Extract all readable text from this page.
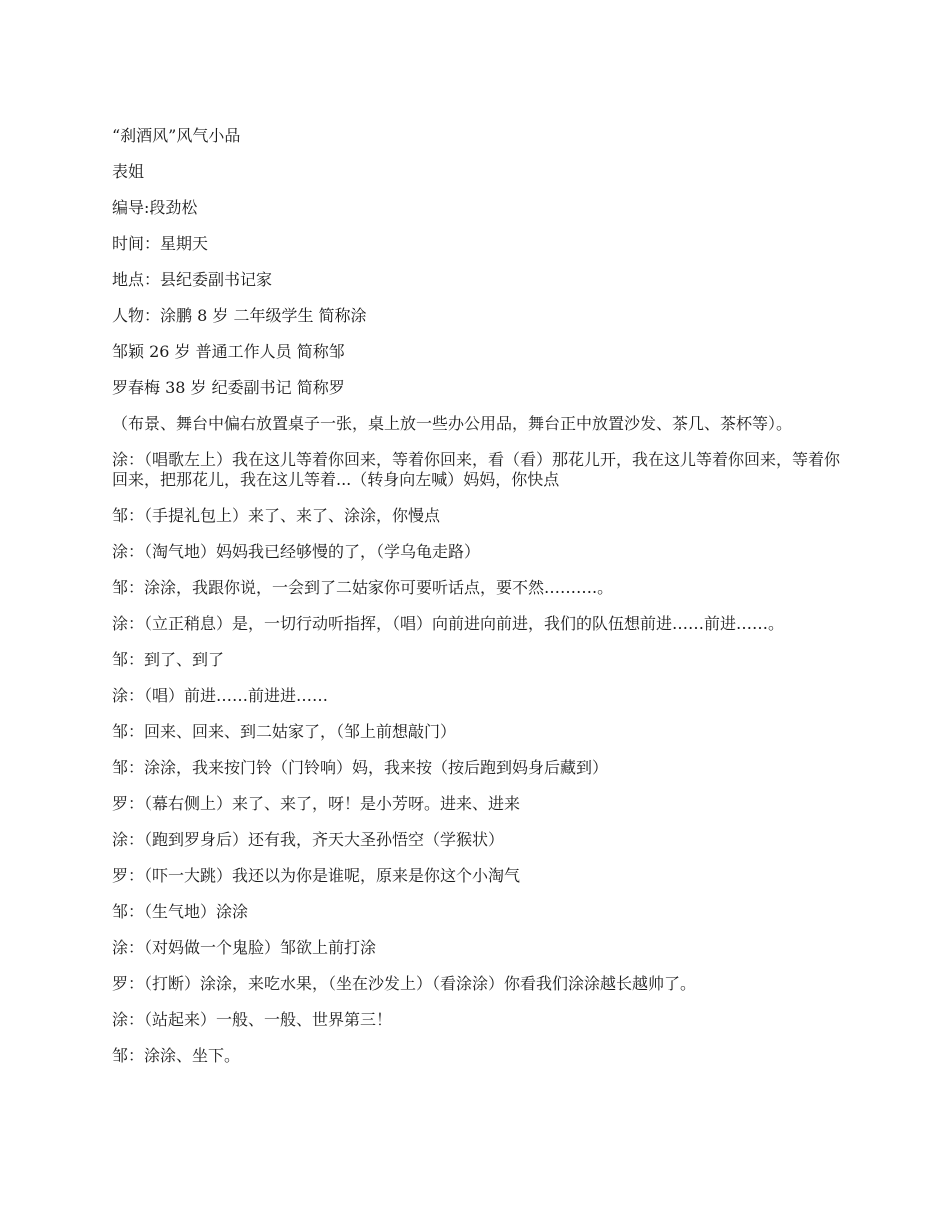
“刹酒风”风气小品

表姐

编导:段劲松

时间：星期天

地点：县纪委副书记家

人物：涂鹏 8 岁 二年级学生 简称涂

邹颖 26 岁 普通工作人员 简称邹

罗春梅 38 岁 纪委副书记 简称罗

（布景、舞台中偏右放置桌子一张，桌上放一些办公用品，舞台正中放置沙发、茶几、茶杯等）。

涂：（唱歌左上）我在这儿等着你回来，等着你回来，看（看）那花儿开，我在这儿等着你回来，等着你回来，把那花儿，我在这儿等着...（转身向左喊）妈妈，你快点

邹：（手提礼包上）来了、来了、涂涂，你慢点

涂：（淘气地）妈妈我已经够慢的了，（学乌龟走路）

邹：涂涂，我跟你说，一会到了二姑家你可要听话点，要不然……….。

涂：（立正稍息）是，一切行动听指挥，（唱）向前进向前进，我们的队伍想前进……前进……。

邹：到了、到了

涂：（唱）前进……前进进……

邹：回来、回来、到二姑家了，（邹上前想敲门）

邹：涂涂，我来按门铃（门铃响）妈，我来按（按后跑到妈身后藏到）

罗：（幕右侧上）来了、来了，呀！是小芳呀。进来、进来

涂：（跑到罗身后）还有我，齐天大圣孙悟空（学猴状）

罗：（吓一大跳）我还以为你是谁呢，原来是你这个小淘气

邹：（生气地）涂涂

涂：（对妈做一个鬼脸）邹欲上前打涂

罗：（打断）涂涂，来吃水果，（坐在沙发上）（看涂涂）你看我们涂涂越长越帅了。

涂：（站起来）一般、一般、世界第三！

邹：涂涂、坐下。
